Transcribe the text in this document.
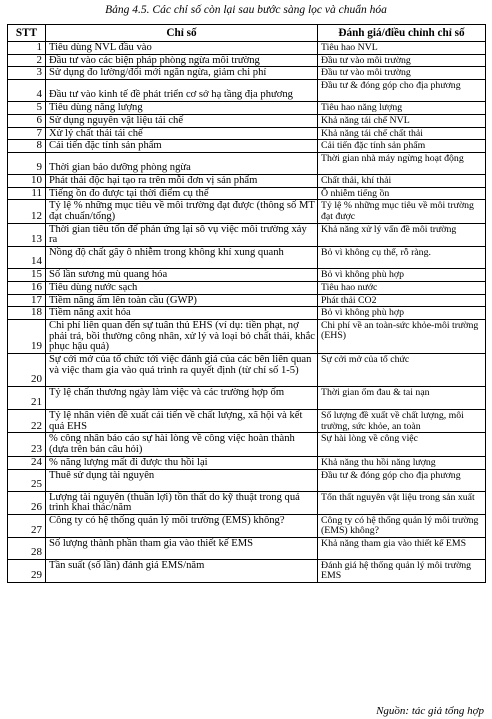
Bảng 4.5. Các chỉ số còn lại sau bước sàng lọc và chuẩn hóa
STT	Chỉ số	Đánh giá/điều chỉnh chỉ số
1	Tiêu dùng NVL đầu vào	Tiêu hao NVL
2	Đầu tư vào các biện pháp phòng ngừa môi trường	Đầu tư vào môi trường
3	Sử dụng đo lường/đổi mới ngăn ngừa, giảm chi phí	Đầu tư vào môi trường
4	Đầu tư vào kinh tế đề phát triển cơ sở hạ tầng địa phương	Đầu tư & đóng góp cho địa phương
5	Tiêu dùng năng lượng	Tiêu hao năng lượng
6	Sử dụng nguyên vật liệu tái chế	Khả năng tái chế NVL
7	Xử lý chất thải tái chế	Khả năng tái chế chất thải
8	Cải tiến đặc tính sản phẩm	Cải tiến đặc tính sản phẩm
9	Thời gian bảo dưỡng phòng ngừa	Thời gian nhà máy ngừng hoạt động
10	Phát thải độc hại tạo ra trên mỗi đơn vị sản phẩm	Chất thải, khí thải
11	Tiếng ồn đo được tại thời điểm cụ thể	Ô nhiễm tiếng ồn
12	Tỷ lệ % những mục tiêu về môi trường đạt được (thông số MT đạt chuẩn/tổng)	Tỷ lệ % những mục tiêu về môi trường đạt được
13	Thời gian tiêu tốn để phản ứng lại sô vụ việc môi trường xảy ra	Khả năng xử lý vấn đề môi trường
14	Nồng độ chất gây ô nhiễm trong không khí xung quanh	Bỏ vì không cụ thể, rỗ ràng.
15	Số lần sương mù quang hóa	Bỏ vì không phù hợp
16	Tiêu dùng nước sạch	Tiêu hao nước
17	Tiềm năng ấm lên toàn cầu (GWP)	Phát thải CO2
18	Tiềm năng axit hóa	Bỏ vì không phù hợp
19	Chi phí liên quan đến sự tuân thủ EHS (ví dụ: tiền phạt, nợ phải trả, bồi thường công nhân, xử lý và loại bỏ chất thải, khắc phục hậu quả)	Chi phí về an toàn-sức khỏe-môi trường (EHS)
20	Sự cởi mở của tổ chức tới việc đánh giá của các bên liên quan và việc tham gia vào quá trình ra quyết định (từ chỉ số 1-5)	Sự cởi mở của tổ chức
21	Tỷ lệ chấn thương ngày làm việc và các trường hợp ốm	Thời gian ốm đau & tai nạn
22	Tỷ lệ nhân viên đề xuất cải tiến về chất lượng, xã hội và kết quả EHS	Số lượng đề xuất về chất lượng, môi trường, sức khỏe, an toàn
23	% công nhân báo cáo sự hài lòng về công việc hoàn thành (dựa trên bản câu hỏi)	Sự hài lòng về công việc
24	% năng lượng mất đi được thu hồi lại	Khả năng thu hồi năng lượng
25	Thuê sử dụng tài nguyên	Đầu tư & đóng góp cho địa phương
26	Lượng tài nguyên (thuần lợi) tồn thất do kỹ thuật trong quá trình khai thác/năm	Tổn thất nguyên vật liệu trong sản xuất
27	Công ty có hệ thống quản lý môi trường (EMS) không?	Công ty có hệ thống quản lý môi trường (EMS) không?
28	Số lượng thành phần tham gia vào thiết kế EMS	Khả năng tham gia vào thiết kế EMS
29	Tần suất (số lần) đánh giá EMS/năm	Đánh giá hệ thống quản lý môi trường EMS
Nguồn: tác giả tổng hợp
